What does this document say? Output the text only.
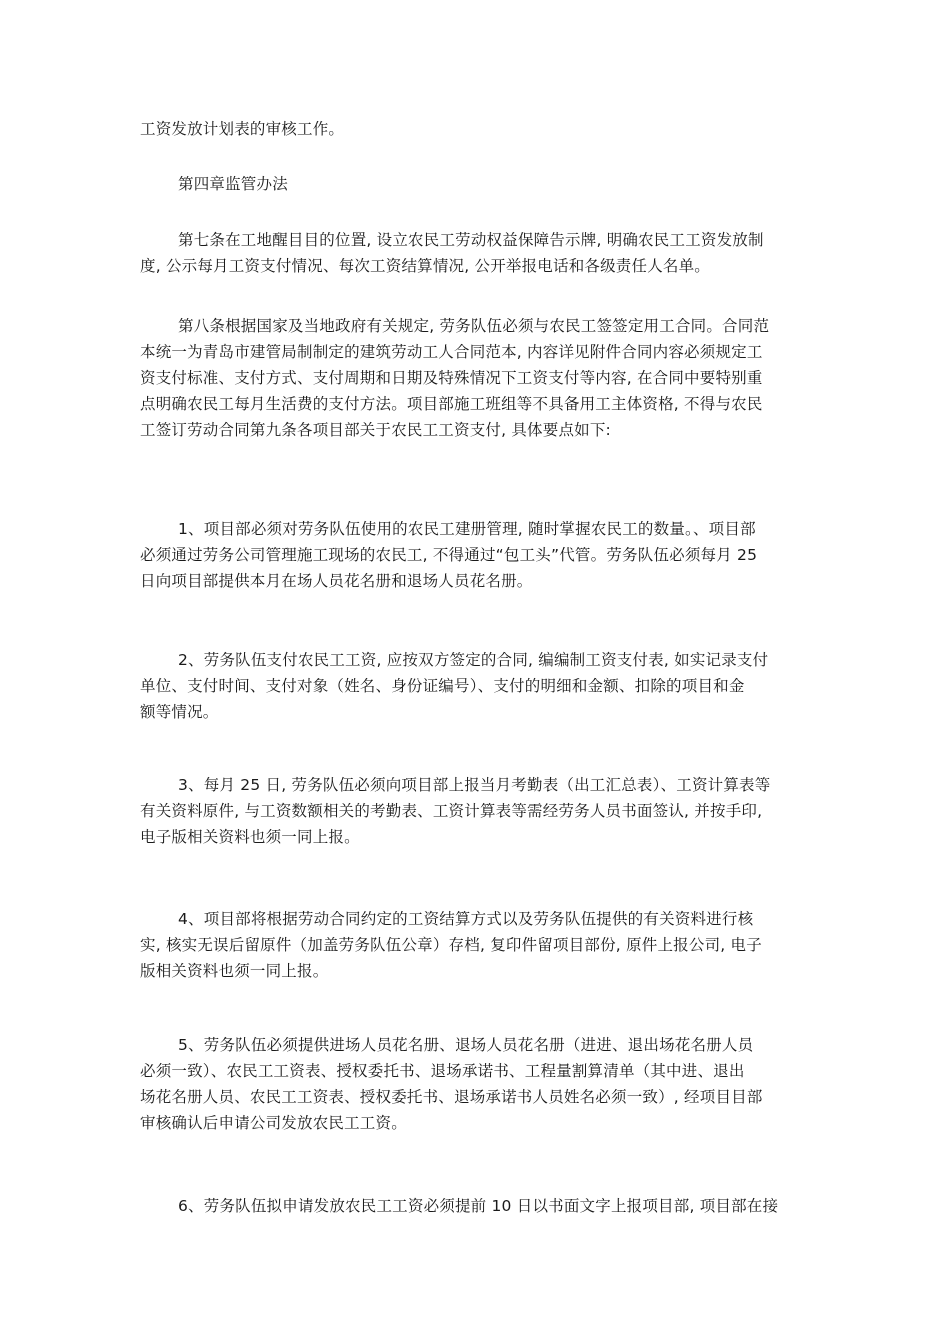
工资发放计划表的审核工作。
第四章监管办法
第七条在工地醒目目的位置, 设立农民工劳动权益保障告示牌, 明确农民工工资发放制
度, 公示每月工资支付情况、每次工资结算情况, 公开举报电话和各级责任人名单。
第八条根据国家及当地政府有关规定, 劳务队伍必须与农民工签签定用工合同。合同范
本统一为青岛市建管局制制定的建筑劳动工人合同范本, 内容详见附件合同内容必须规定工
资支付标准、支付方式、支付周期和日期及特殊情况下工资支付等内容, 在合同中要特别重
点明确农民工每月生活费的支付方法。项目部施工班组等不具备用工主体资格, 不得与农民
工签订劳动合同第九条各项目部关于农民工工资支付, 具体要点如下:
1、项目部必须对劳务队伍使用的农民工建册管理, 随时掌握农民工的数量。、项目部
必须通过劳务公司管理施工现场的农民工, 不得通过“包工头”代管。劳务队伍必须每月 25
日向项目部提供本月在场人员花名册和退场人员花名册。
2、劳务队伍支付农民工工资, 应按双方签定的合同, 编编制工资支付表, 如实记录支付
单位、支付时间、支付对象（姓名、身份证编号）、支付的明细和金额、扣除的项目和金
额等情况。
3、每月 25 日, 劳务队伍必须向项目部上报当月考勤表（出工汇总表）、工资计算表等
有关资料原件, 与工资数额相关的考勤表、工资计算表等需经劳务人员书面签认, 并按手印,
电子版相关资料也须一同上报。
4、项目部将根据劳动合同约定的工资结算方式以及劳务队伍提供的有关资料进行核
实, 核实无误后留原件（加盖劳务队伍公章）存档, 复印件留项目部份, 原件上报公司, 电子
版相关资料也须一同上报。
5、劳务队伍必须提供进场人员花名册、退场人员花名册（进进、退出场花名册人员
必须一致）、农民工工资表、授权委托书、退场承诺书、工程量割算清单（其中进、退出
场花名册人员、农民工工资表、授权委托书、退场承诺书人员姓名必须一致）, 经项目目部
审核确认后申请公司发放农民工工资。
6、劳务队伍拟申请发放农民工工资必须提前 10 日以书面文字上报项目部, 项目部在接
